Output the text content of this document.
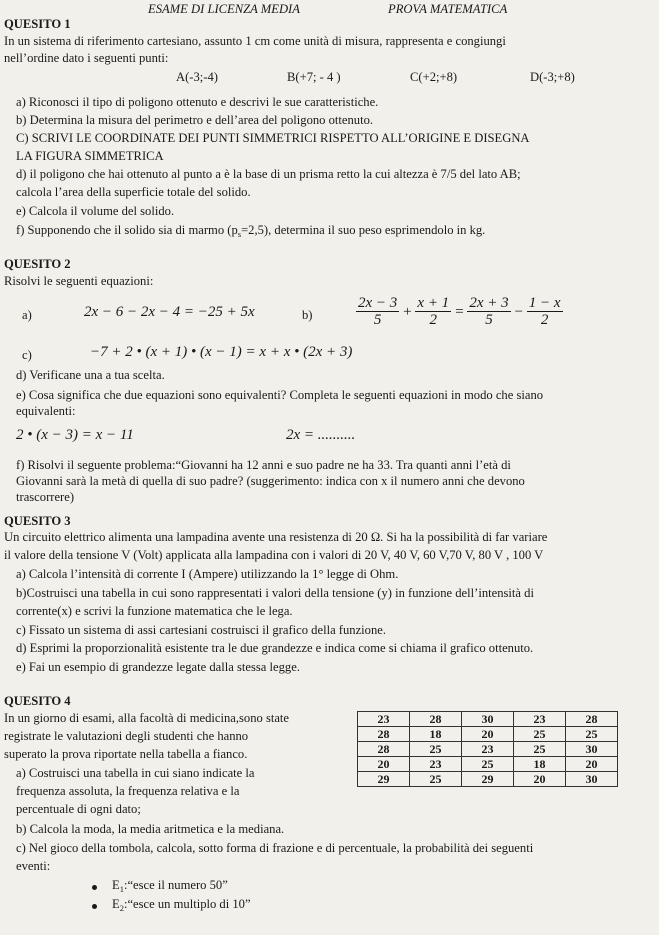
ESAME DI LICENZA MEDIA	PROVA MATEMATICA
QUESITO 1
In un sistema di riferimento cartesiano, assunto 1 cm come unità di misura, rappresenta e congiungi
nell’ordine dato i seguenti punti:
A(-3;-4)	B(+7; - 4 )	C(+2;+8)	D(-3;+8)
a) Riconosci il tipo di poligono ottenuto e descrivi le sue caratteristiche.
b) Determina la misura del perimetro e dell’area del poligono ottenuto.
C) SCRIVI LE COORDINATE DEI PUNTI SIMMETRICI RISPETTO ALL’ORIGINE E DISEGNA
LA FIGURA SIMMETRICA
d) il poligono che hai ottenuto al punto a è la base di un prisma retto la cui altezza è 7/5 del lato AB;
calcola l’area della superficie totale del solido.
e) Calcola il volume del solido.
f) Supponendo che il solido sia di marmo $(p_s=2,5)$, determina il suo peso esprimendolo in kg.
QUESITO 2
Risolvi le seguenti equazioni:
a)	2x − 6 − 2x − 4 = −25 + 5x	b)	$\frac{2x - 3}{5} + \frac{x + 1}{2} = \frac{2x + 3}{5} - \frac{1 - x}{2}$
c)	−7 + 2 • (x + 1) • (x − 1) = x + x • (2x + 3)
d) Verificane una a tua scelta.
e) Cosa significa che due equazioni sono equivalenti? Completa le seguenti equazioni in modo che siano
equivalenti:
2 • (x − 3) = x − 11	2x = ..........
f) Risolvi il seguente problema:“Giovanni ha 12 anni e suo padre ne ha 33. Tra quanti anni l’età di
Giovanni sarà la metà di quella di suo padre? (suggerimento: indica con x il numero anni che devono
trascorrere)
QUESITO 3
Un circuito elettrico alimenta una lampadina avente una resistenza di 20 Ω. Si ha la possibilità di far variare
il valore della tensione V (Volt) applicata alla lampadina con i valori di 20 V, 40 V, 60 V,70 V, 80 V , 100 V
a) Calcola l’intensità di corrente I (Ampere) utilizzando la 1° legge di Ohm.
b)Costruisci una tabella in cui sono rappresentati i valori della tensione (y) in funzione dell’intensità di
corrente(x) e scrivi la funzione matematica che le lega.
c) Fissato un sistema di assi cartesiani costruisci il grafico della funzione.
d) Esprimi la proporzionalità esistente tra le due grandezze e indica come si chiama il grafico ottenuto.
e) Fai un esempio di grandezze legate dalla stessa legge.
QUESITO 4
In un giorno di esami, alla facoltà di medicina,sono state
registrate le valutazioni degli studenti che hanno
superato la prova riportate nella tabella a fianco.
a) Costruisci una tabella in cui siano indicate la
frequenza assoluta, la frequenza relativa e la
percentuale di ogni dato;
23	28	30	23	28
28	18	20	25	25
28	25	23	25	30
20	23	25	18	20
29	25	29	20	30
b) Calcola la moda, la media aritmetica e la mediana.
c) Nel gioco della tombola, calcola, sotto forma di frazione e di percentuale, la probabilità dei seguenti
eventi:
$E_1:“esce$ il numero 50”
$E_2:“esce$ un multiplo di 10”
